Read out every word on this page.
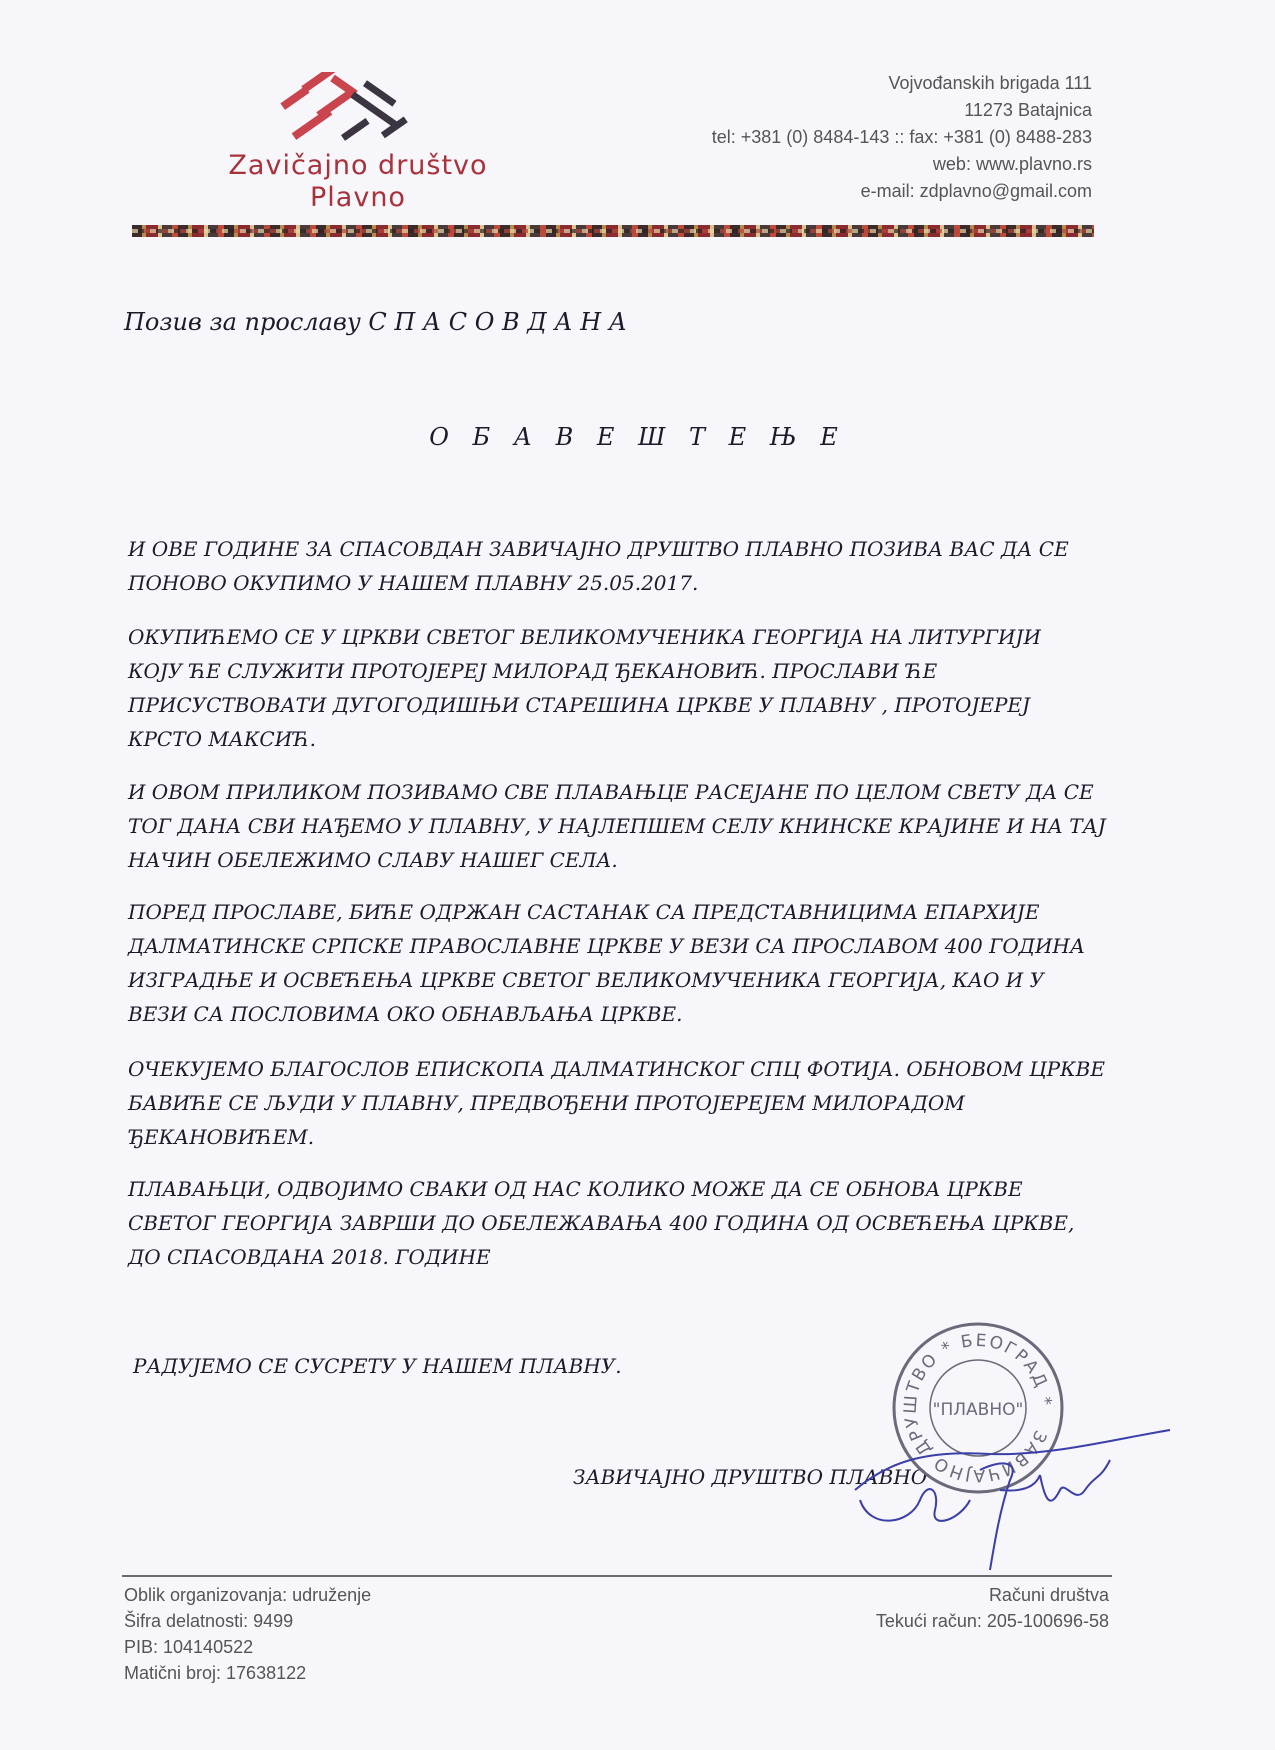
Zavičajno društvo
Plavno
Vojvođanskih brigada 111
11273 Batajnica
tel: +381 (0) 8484-143 :: fax: +381 (0) 8488-283
web: www.plavno.rs
e-mail: zdplavno@gmail.com
Позив за прославу С П А С О В Д А Н А
О Б А В Е Ш Т Е Њ Е

И ОВЕ ГОДИНЕ ЗА СПАСОВДАН ЗАВИЧАЈНО ДРУШТВО ПЛАВНО ПОЗИВА ВАС ДА СЕ
ПОНОВО ОКУПИМО У НАШЕМ ПЛАВНУ 25.05.2017.

ОКУПИЋЕМО СЕ У ЦРКВИ СВЕТОГ ВЕЛИКОМУЧЕНИКА ГЕОРГИЈА НА ЛИТУРГИЈИ
КОЈУ ЋЕ СЛУЖИТИ ПРОТОЈЕРЕЈ МИЛОРАД ЂЕКАНОВИЋ. ПРОСЛАВИ ЋЕ
ПРИСУСТВОВАТИ ДУГОГОДИШЊИ СТАРЕШИНА ЦРКВЕ У ПЛАВНУ , ПРОТОЈЕРЕЈ
КРСТО МАКСИЋ.

И ОВОМ ПРИЛИКОМ ПОЗИВАМО СВЕ ПЛАВАЊЦЕ РАСЕЈАНЕ ПО ЦЕЛОМ СВЕТУ ДА СЕ
ТОГ ДАНА СВИ НАЂЕМО У ПЛАВНУ, У НАЈЛЕПШЕМ СЕЛУ КНИНСКЕ КРАЈИНЕ И НА ТАЈ
НАЧИН ОБЕЛЕЖИМО СЛАВУ НАШЕГ СЕЛА.

ПОРЕД ПРОСЛАВЕ, БИЋЕ ОДРЖАН САСТАНАК СА ПРЕДСТАВНИЦИМА ЕПАРХИЈЕ
ДАЛМАТИНСКЕ СРПСКЕ ПРАВОСЛАВНЕ ЦРКВЕ У ВЕЗИ СА ПРОСЛАВОМ 400 ГОДИНА
ИЗГРАДЊЕ И ОСВЕЋЕЊА ЦРКВЕ СВЕТОГ ВЕЛИКОМУЧЕНИКА ГЕОРГИЈА, КАО И У
ВЕЗИ СА ПОСЛОВИМА ОКО ОБНАВЉАЊА ЦРКВЕ.

ОЧЕКУЈЕМО БЛАГОСЛОВ ЕПИСКОПА ДАЛМАТИНСКОГ СПЦ ФОТИЈА. ОБНОВОМ ЦРКВЕ
БАВИЋЕ СЕ ЉУДИ У ПЛАВНУ, ПРЕДВОЂЕНИ ПРОТОЈЕРЕЈЕМ МИЛОРАДОМ
ЂЕКАНОВИЋЕМ.

ПЛАВАЊЦИ, ОДВОЈИМО СВАКИ ОД НАС КОЛИКО МОЖЕ ДА СЕ ОБНОВА ЦРКВЕ
СВЕТОГ ГЕОРГИЈА ЗАВРШИ ДО ОБЕЛЕЖАВАЊА 400 ГОДИНА ОД ОСВЕЋЕЊА ЦРКВЕ,
ДО СПАСОВДАНА 2018. ГОДИНЕ

РАДУЈЕМО СЕ СУСРЕТУ У НАШЕМ ПЛАВНУ.
ЗАВИЧАЈНО ДРУШТВО ПЛАВНО
ЗАВИЧАЈНО ДРУШТВО * БЕОГРАД *
"ПЛАВНО"
Oblik organizovanja: udruženje
Šifra delatnosti: 9499
PIB: 104140522
Matični broj: 17638122
Računi društva
Tekući račun: 205-100696-58
